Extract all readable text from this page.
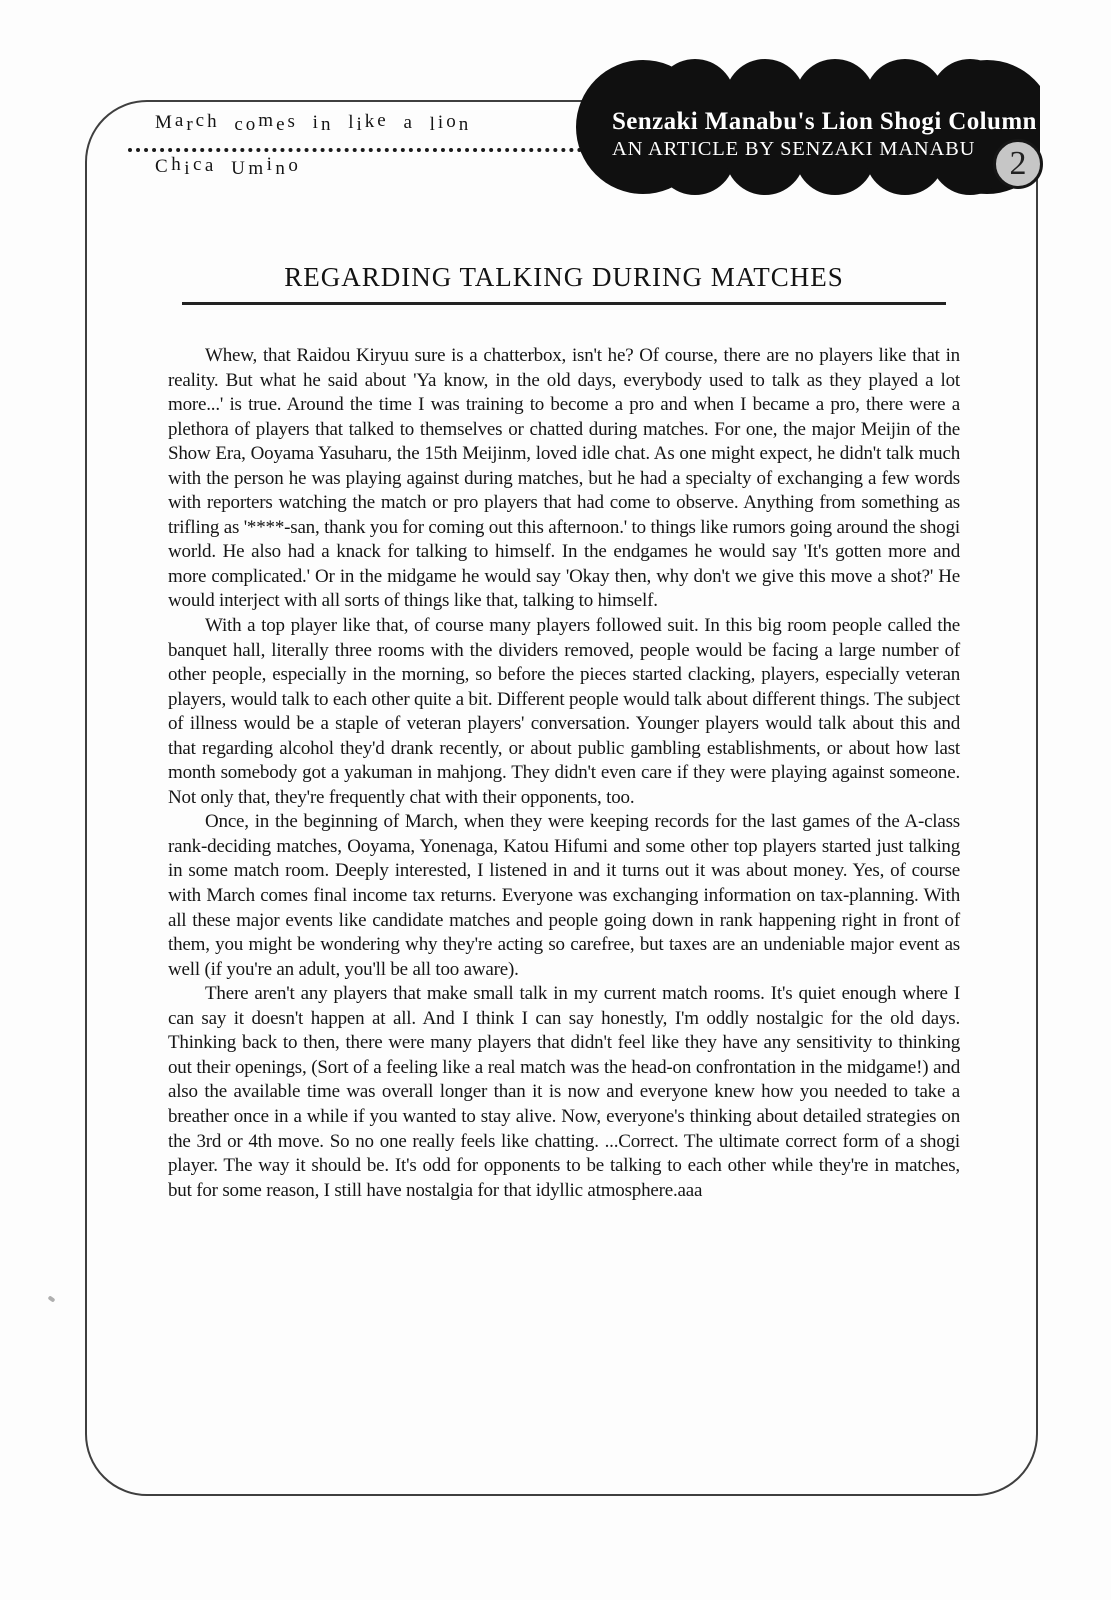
March comes in like a lion
Chica Umino
Senzaki Manabu's Lion Shogi Column
AN ARTICLE BY SENZAKI MANABU	2
REGARDING TALKING DURING MATCHES

Whew, that Raidou Kiryuu sure is a chatterbox, isn't he? Of course, there are no players like that in reality. But what he said about 'Ya know, in the old days, everybody used to talk as they played a lot more...' is true. Around the time I was training to become a pro and when I became a pro, there were a plethora of players that talked to themselves or chatted during matches. For one, the major Meijin of the Show Era, Ooyama Yasuharu, the 15th Meijinm, loved idle chat. As one might expect, he didn't talk much with the person he was playing against during matches, but he had a specialty of exchanging a few words with reporters watching the match or pro players that had come to observe. Anything from something as trifling as '****-san, thank you for coming out this afternoon.' to things like rumors going around the shogi world. He also had a knack for talking to himself. In the endgames he would say 'It's gotten more and more complicated.' Or in the midgame he would say 'Okay then, why don't we give this move a shot?' He would interject with all sorts of things like that, talking to himself.

With a top player like that, of course many players followed suit. In this big room people called the banquet hall, literally three rooms with the dividers removed, people would be facing a large number of other people, especially in the morning, so before the pieces started clacking, players, especially veteran players, would talk to each other quite a bit. Different people would talk about different things. The subject of illness would be a staple of veteran players' conversation. Younger players would talk about this and that regarding alcohol they'd drank recently, or about public gambling establishments, or about how last month somebody got a yakuman in mahjong. They didn't even care if they were playing against someone. Not only that, they're frequently chat with their opponents, too.

Once, in the beginning of March, when they were keeping records for the last games of the A-class rank-deciding matches, Ooyama, Yonenaga, Katou Hifumi and some other top players started just talking in some match room. Deeply interested, I listened in and it turns out it was about money. Yes, of course with March comes final income tax returns. Everyone was exchanging information on tax-planning. With all these major events like candidate matches and people going down in rank happening right in front of them, you might be wondering why they're acting so carefree, but taxes are an undeniable major event as well (if you're an adult, you'll be all too aware).

There aren't any players that make small talk in my current match rooms. It's quiet enough where I can say it doesn't happen at all. And I think I can say honestly, I'm oddly nostalgic for the old days. Thinking back to then, there were many players that didn't feel like they have any sensitivity to thinking out their openings, (Sort of a feeling like a real match was the head-on confrontation in the midgame!) and also the available time was overall longer than it is now and everyone knew how you needed to take a breather once in a while if you wanted to stay alive. Now, everyone's thinking about detailed strategies on the 3rd or 4th move. So no one really feels like chatting. ...Correct. The ultimate correct form of a shogi player. The way it should be. It's odd for opponents to be talking to each other while they're in matches, but for some reason, I still have nostalgia for that idyllic atmosphere.aaa
